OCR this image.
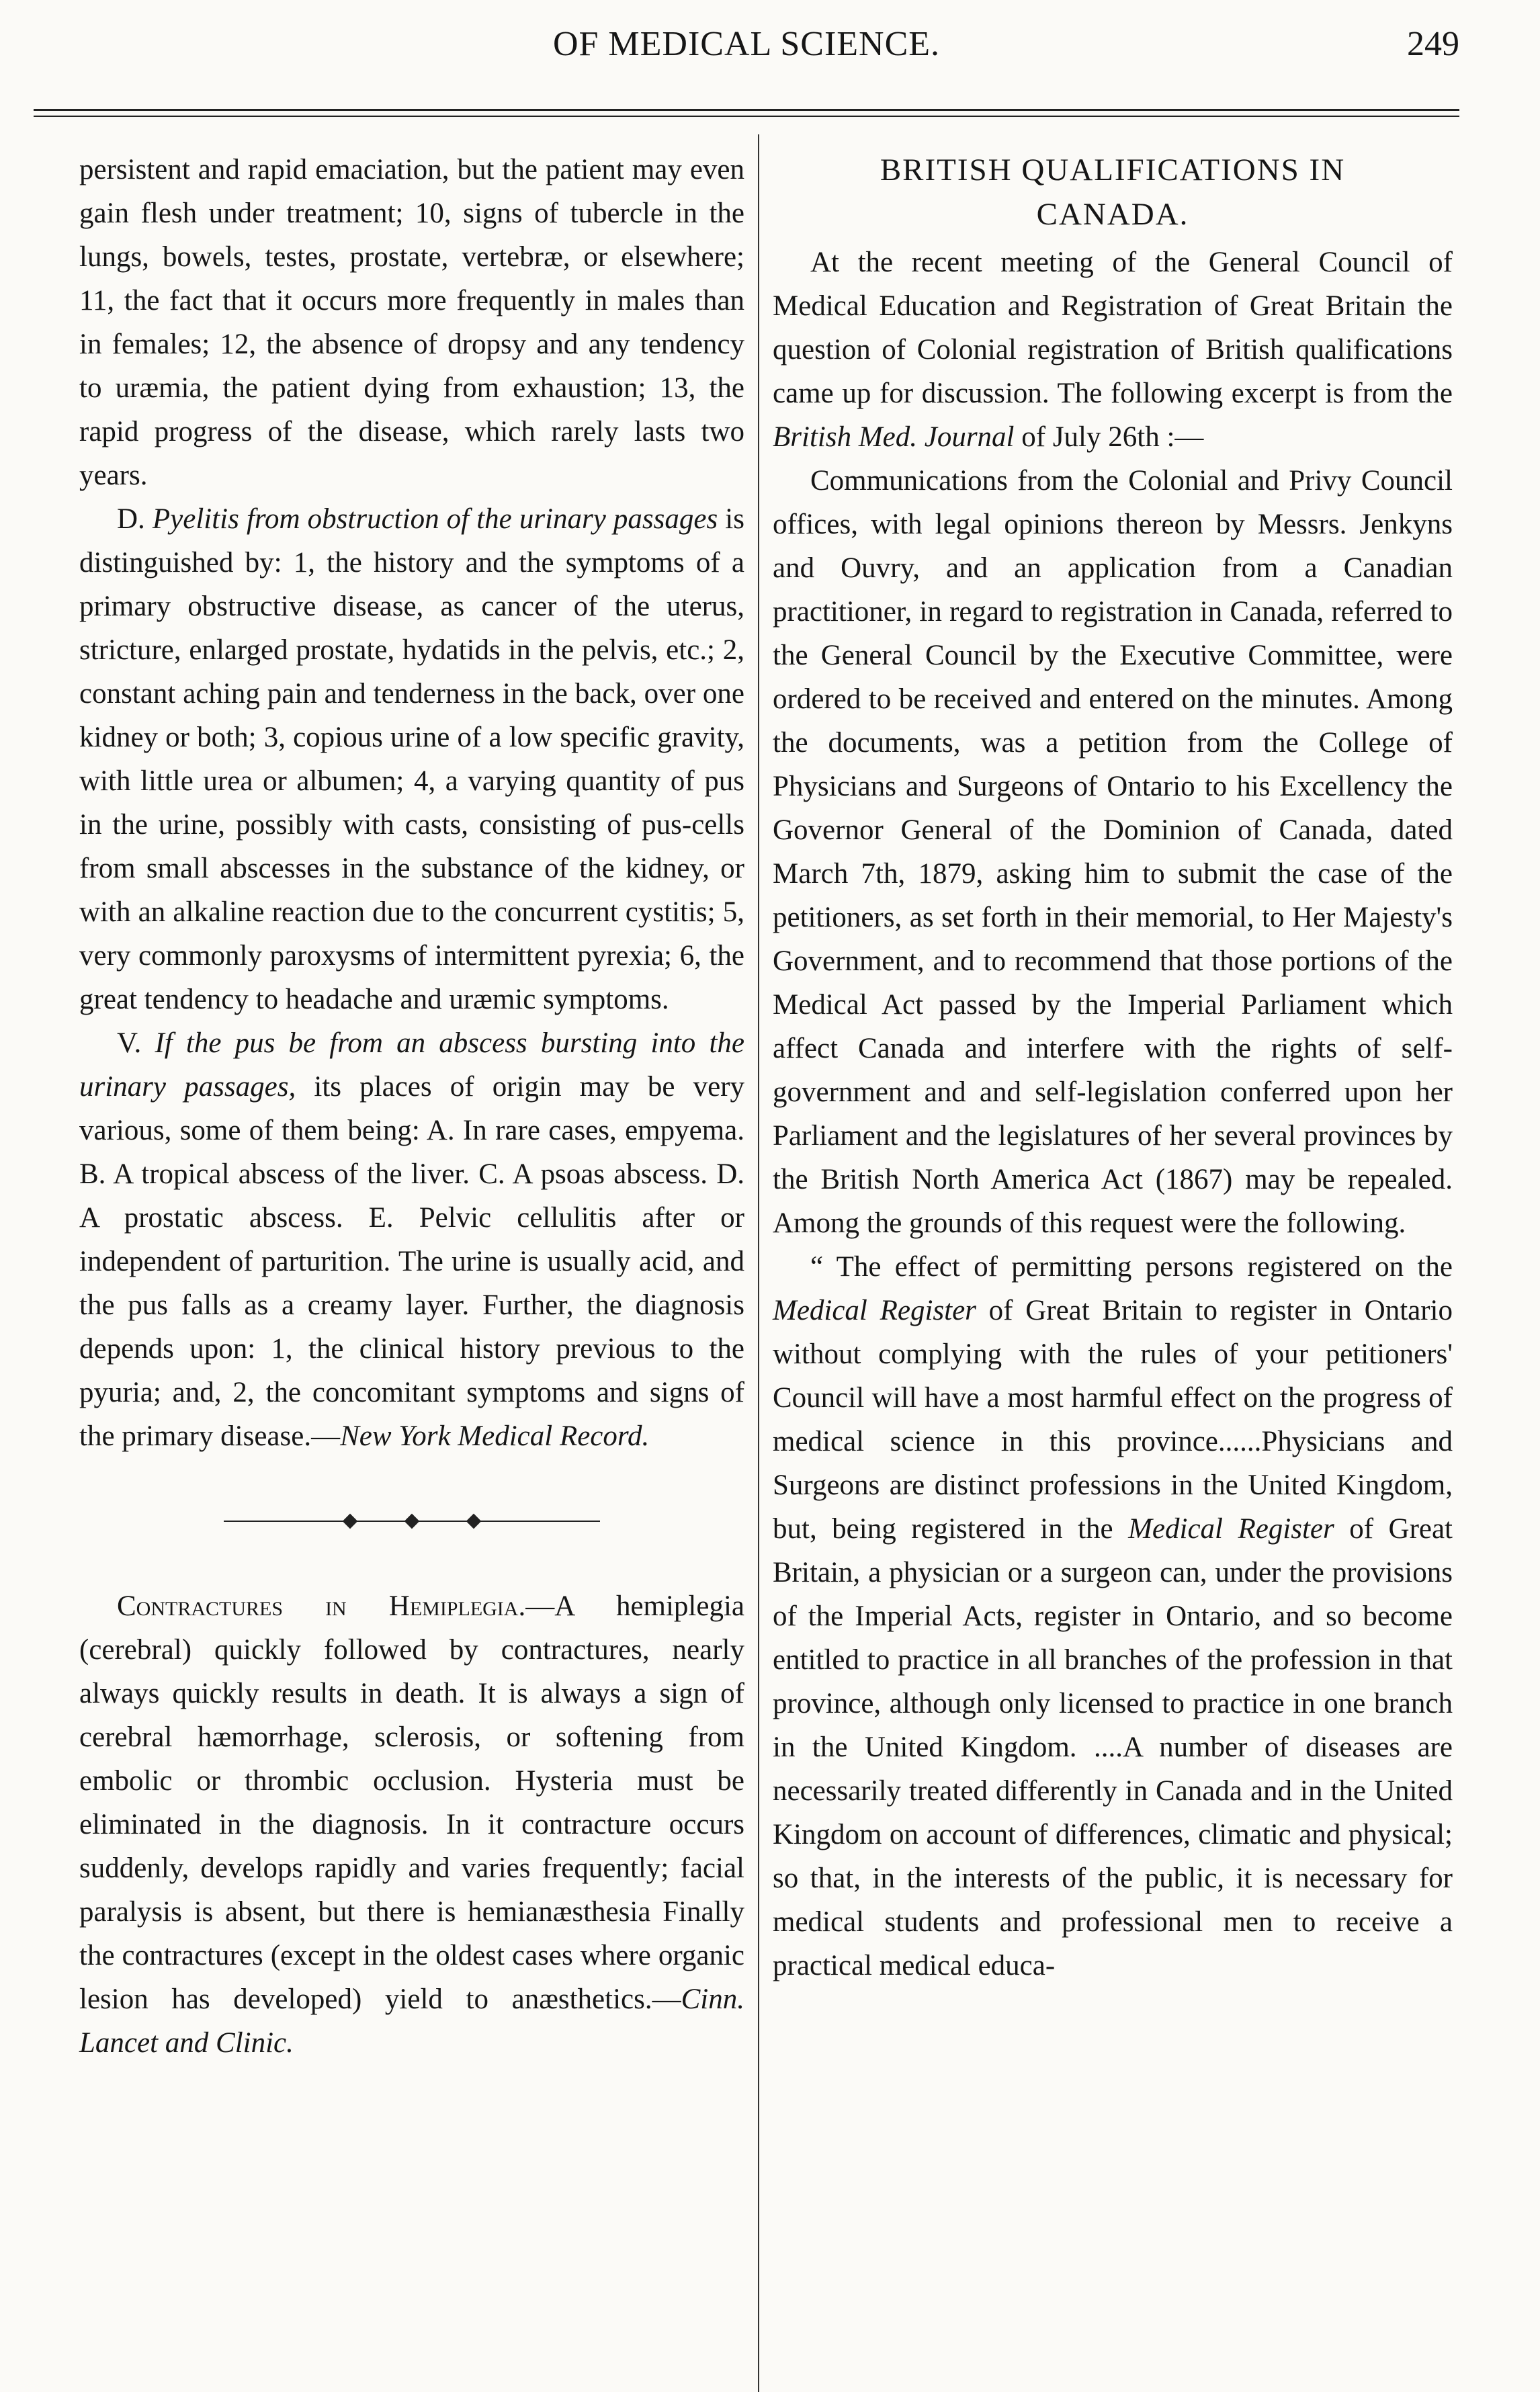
OF MEDICAL SCIENCE.	249

persistent and rapid emaciation, but the patient may even gain flesh under treatment; 10, signs of tubercle in the lungs, bowels, testes, prostate, vertebræ, or elsewhere; 11, the fact that it occurs more frequently in males than in females; 12, the absence of dropsy and any tendency to uræmia, the patient dying from exhaustion; 13, the rapid progress of the disease, which rarely lasts two years.

D. Pyelitis from obstruction of the urinary passages is distinguished by: 1, the history and the symptoms of a primary obstructive disease, as cancer of the uterus, stricture, enlarged prostate, hydatids in the pelvis, etc.; 2, constant aching pain and tenderness in the back, over one kidney or both; 3, copious urine of a low specific gravity, with little urea or albumen; 4, a varying quantity of pus in the urine, possibly with casts, consisting of pus-cells from small abscesses in the substance of the kidney, or with an alkaline reaction due to the concurrent cystitis; 5, very commonly paroxysms of intermittent pyrexia; 6, the great tendency to headache and uræmic symptoms.

V. If the pus be from an abscess bursting into the urinary passages, its places of origin may be very various, some of them being: A. In rare cases, empyema. B. A tropical abscess of the liver. C. A psoas abscess. D. A prostatic abscess. E. Pelvic cellulitis after or independent of parturition. The urine is usually acid, and the pus falls as a creamy layer. Further, the diagnosis depends upon: 1, the clinical history previous to the pyuria; and, 2, the concomitant symptoms and signs of the primary disease.—New York Medical Record.

Contractures in Hemiplegia.—A hemiplegia (cerebral) quickly followed by contractures, nearly always quickly results in death. It is always a sign of cerebral hæmorrhage, sclerosis, or softening from embolic or thrombic occlusion. Hysteria must be eliminated in the diagnosis. In it contracture occurs suddenly, develops rapidly and varies frequently; facial paralysis is absent, but there is hemianæsthesia Finally the contractures (except in the oldest cases where organic lesion has developed) yield to anæsthetics.—Cinn. Lancet and Clinic.

BRITISH QUALIFICATIONS IN
CANADA.

At the recent meeting of the General Council of Medical Education and Registration of Great Britain the question of Colonial registration of British qualifications came up for discussion. The following excerpt is from the British Med. Journal of July 26th :—

Communications from the Colonial and Privy Council offices, with legal opinions thereon by Messrs. Jenkyns and Ouvry, and an application from a Canadian practitioner, in regard to registration in Canada, referred to the General Council by the Executive Committee, were ordered to be received and entered on the minutes. Among the documents, was a petition from the College of Physicians and Surgeons of Ontario to his Excellency the Governor General of the Dominion of Canada, dated March 7th, 1879, asking him to submit the case of the petitioners, as set forth in their memorial, to Her Majesty's Government, and to recommend that those portions of the Medical Act passed by the Imperial Parliament which affect Canada and interfere with the rights of self-government and and self-legislation conferred upon her Parliament and the legislatures of her several provinces by the British North America Act (1867) may be repealed. Among the grounds of this request were the following.

“ The effect of permitting persons registered on the Medical Register of Great Britain to register in Ontario without complying with the rules of your petitioners' Council will have a most harmful effect on the progress of medical science in this province......Physicians and Surgeons are distinct professions in the United Kingdom, but, being registered in the Medical Register of Great Britain, a physician or a surgeon can, under the provisions of the Imperial Acts, register in Ontario, and so become entitled to practice in all branches of the profession in that province, although only licensed to practice in one branch in the United Kingdom. ....A number of diseases are necessarily treated differently in Canada and in the United Kingdom on account of differences, climatic and physical; so that, in the interests of the public, it is necessary for medical students and professional men to receive a practical medical educa-
